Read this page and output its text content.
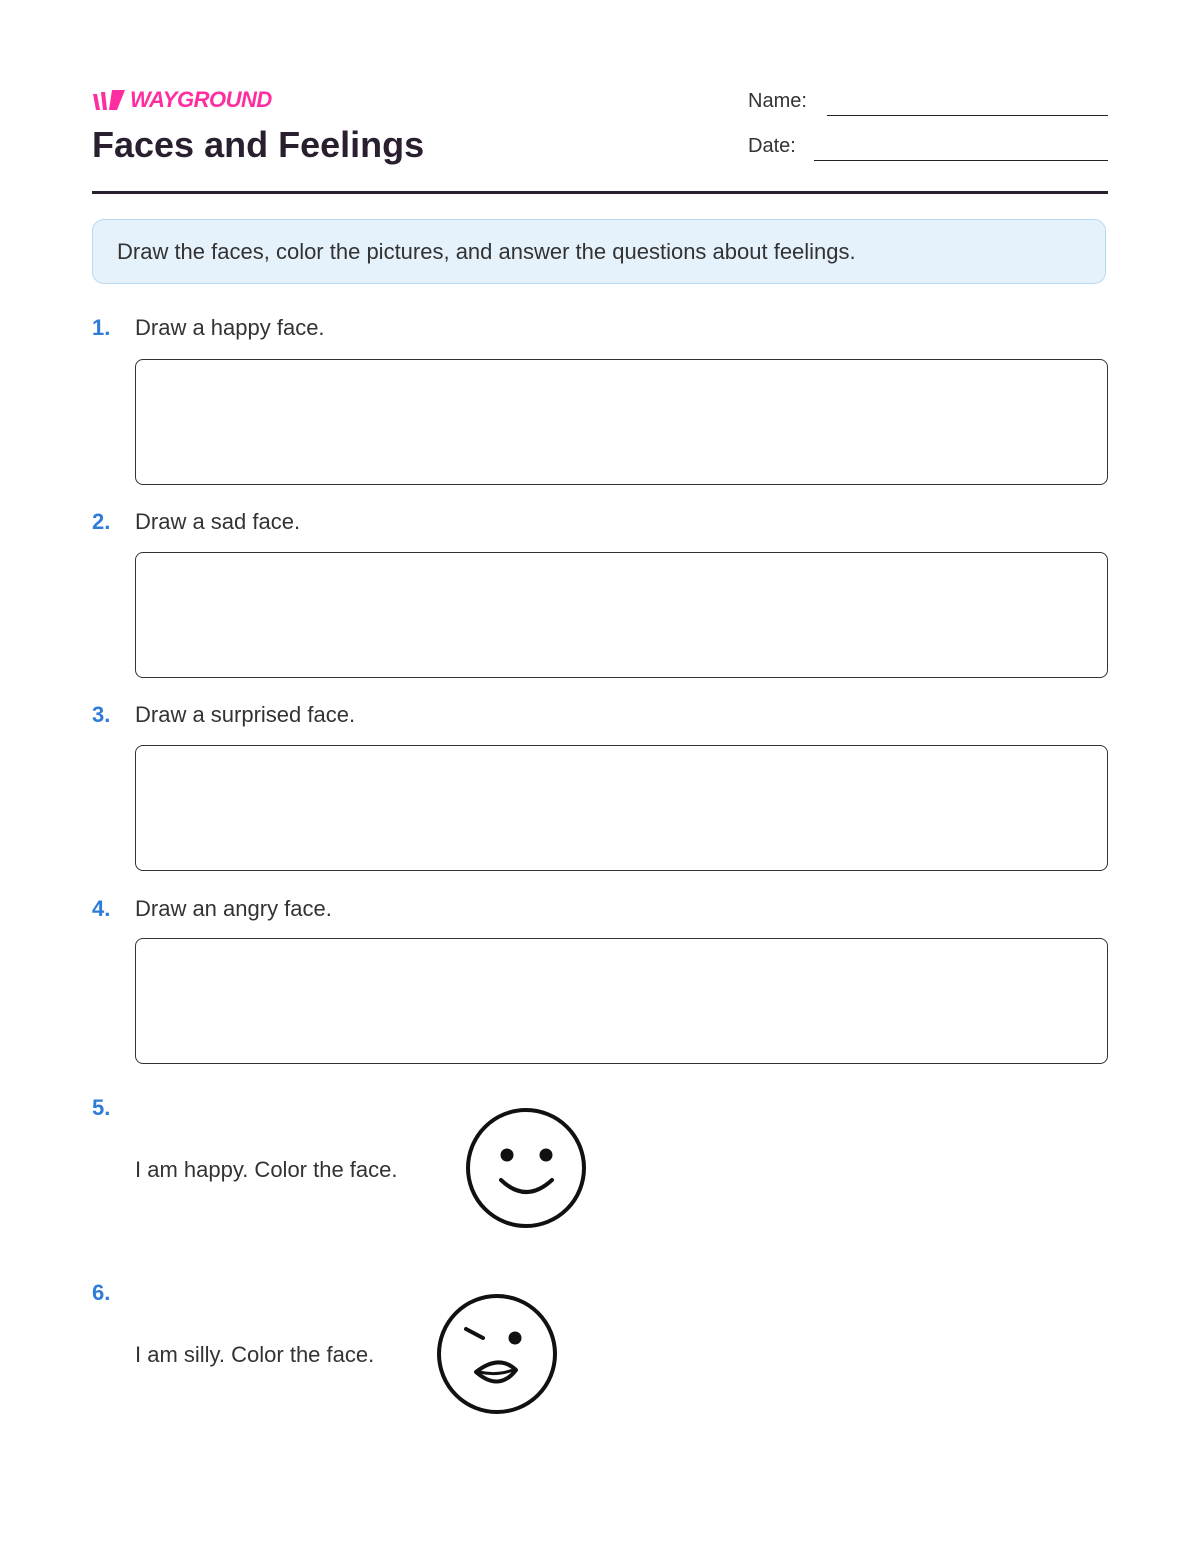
WAYGROUND
Faces and Feelings
Name:
Date:
Draw the faces, color the pictures, and answer the questions about feelings.
1. Draw a happy face.
2. Draw a sad face.
3. Draw a surprised face.
4. Draw an angry face.
5.
I am happy. Color the face.
6.
I am silly. Color the face.
